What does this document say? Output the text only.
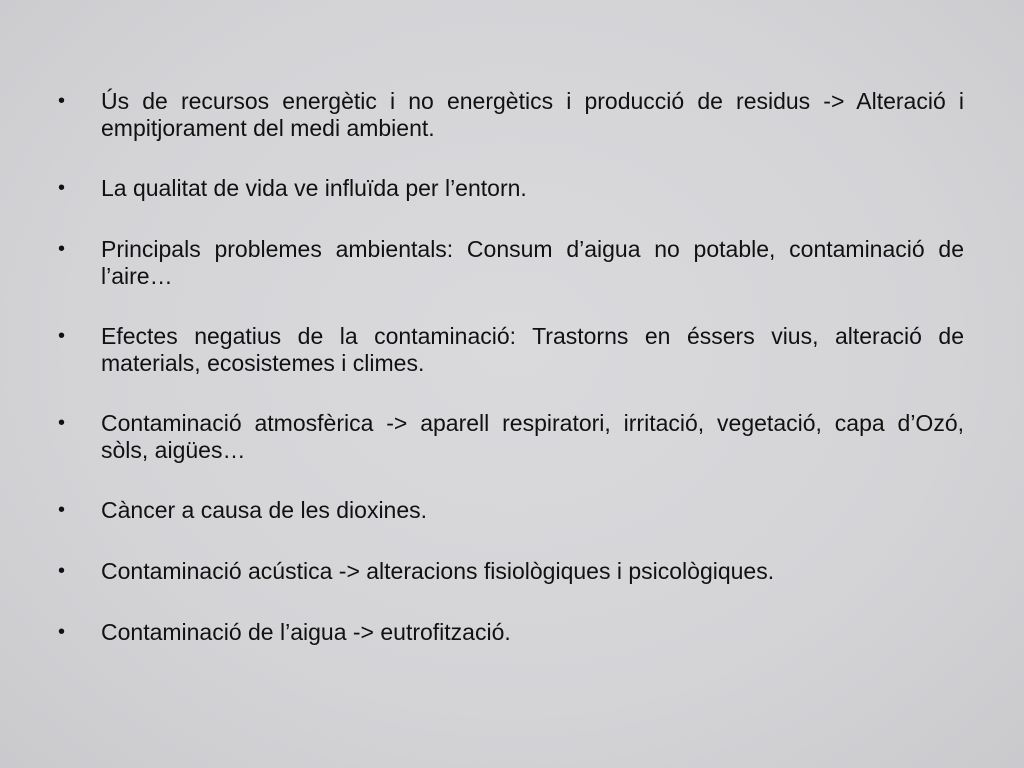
•	Ús de recursos energètic i no energètics i producció de residus -> Alteració i empitjorament del medi ambient.
•	La qualitat de vida ve influïda per l’entorn.
•	Principals problemes ambientals: Consum d’aigua no potable, contaminació de l’aire…
•	Efectes negatius de la contaminació: Trastorns en éssers vius, alteració de materials, ecosistemes i climes.
•	Contaminació atmosfèrica -> aparell respiratori, irritació, vegetació, capa d’Ozó, sòls, aigües…
•	Càncer a causa de les dioxines.
•	Contaminació acústica -> alteracions fisiològiques i psicològiques.
•	Contaminació de l’aigua -> eutrofització.
